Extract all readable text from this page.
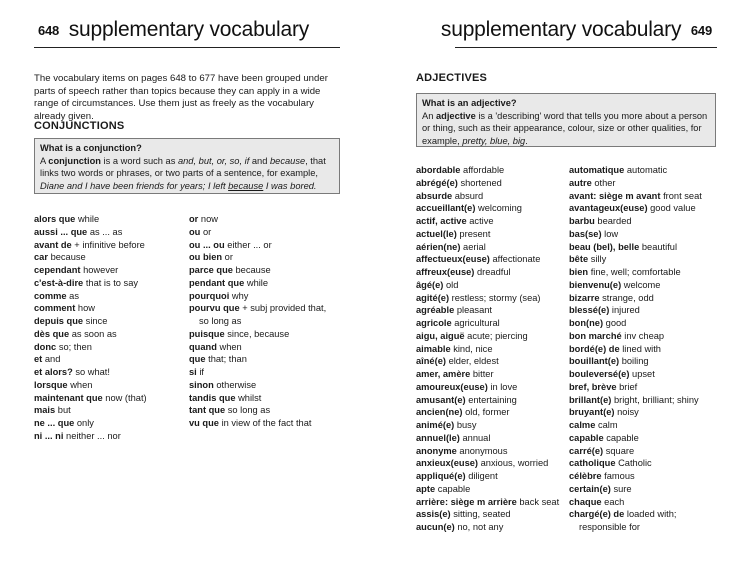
648 supplementary vocabulary
The vocabulary items on pages 648 to 677 have been grouped under parts of speech rather than topics because they can apply in a wide range of circumstances. Use them just as freely as the vocabulary already given.
CONJUNCTIONS
What is a conjunction?
A conjunction is a word such as and, but, or, so, if and because, that links two words or phrases, or two parts of a sentence, for example, Diane and I have been friends for years; I left because I was bored.
alors que while
aussi ... que as ... as
avant de + infinitive before
car because
cependant however
c'est-à-dire that is to say
comme as
comment how
depuis que since
dès que as soon as
donc so; then
et and
et alors? so what!
lorsque when
maintenant que now (that)
mais but
ne ... que only
ni ... ni neither ... nor
or now
ou or
ou ... ou either ... or
ou bien or
parce que because
pendant que while
pourquoi why
pourvu que + subj provided that,
so long as
puisque since, because
quand when
que that; than
si if
sinon otherwise
tandis que whilst
tant que so long as
vu que in view of the fact that
supplementary vocabulary 649
ADJECTIVES
What is an adjective?
An adjective is a 'describing' word that tells you more about a person or thing, such as their appearance, colour, size or other qualities, for example, pretty, blue, big.
abordable affordable
abrégé(e) shortened
absurde absurd
accueillant(e) welcoming
actif, active active
actuel(le) present
aérien(ne) aerial
affectueux(euse) affectionate
affreux(euse) dreadful
âgé(e) old
agité(e) restless; stormy (sea)
agréable pleasant
agricole agricultural
aigu, aiguë acute; piercing
aimable kind, nice
aîné(e) elder, eldest
amer, amère bitter
amoureux(euse) in love
amusant(e) entertaining
ancien(ne) old, former
animé(e) busy
annuel(le) annual
anonyme anonymous
anxieux(euse) anxious, worried
appliqué(e) diligent
apte capable
arrière: siège m arrière back seat
assis(e) sitting, seated
aucun(e) no, not any
automatique automatic
autre other
avant: siège m avant front seat
avantageux(euse) good value
barbu bearded
bas(se) low
beau (bel), belle beautiful
bête silly
bien fine, well; comfortable
bienvenu(e) welcome
bizarre strange, odd
blessé(e) injured
bon(ne) good
bon marché inv cheap
bordé(e) de lined with
bouillant(e) boiling
bouleversé(e) upset
bref, brève brief
brillant(e) bright, brilliant; shiny
bruyant(e) noisy
calme calm
capable capable
carré(e) square
catholique Catholic
célèbre famous
certain(e) sure
chaque each
chargé(e) de loaded with;
responsible for
